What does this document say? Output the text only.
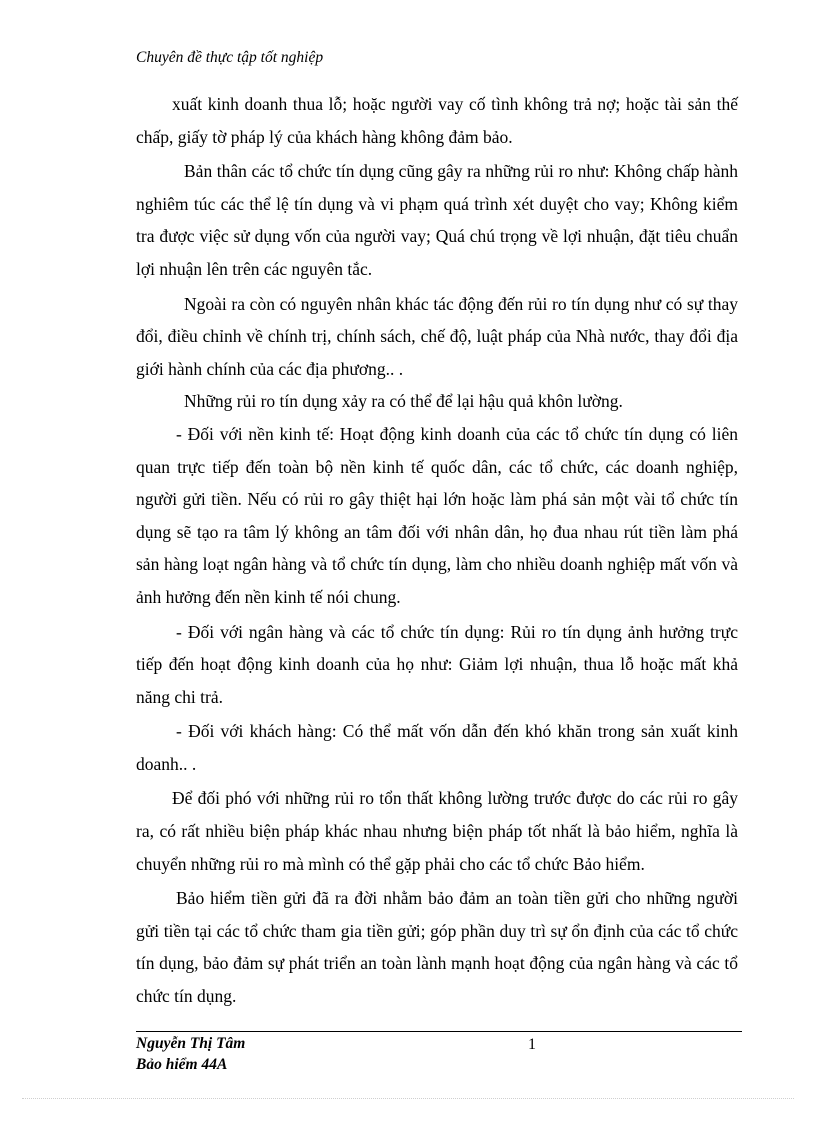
Chuyên đề thực tập tốt nghiệp

xuất kinh doanh thua lỗ; hoặc người vay cố tình không trả nợ; hoặc tài sản thế chấp, giấy tờ pháp lý của khách hàng không đảm bảo.

Bản thân các tổ chức tín dụng cũng gây ra những rủi ro như: Không chấp hành nghiêm túc các thể lệ tín dụng và vi phạm quá trình xét duyệt cho vay; Không kiểm tra được việc sử dụng vốn của người vay; Quá chú trọng về lợi nhuận, đặt tiêu chuẩn lợi nhuận lên trên các nguyên tắc.

Ngoài ra còn có nguyên nhân khác tác động đến rủi ro tín dụng như có sự thay đổi, điều chỉnh về chính trị, chính sách, chế độ, luật pháp của Nhà nước, thay đổi địa giới hành chính của các địa phương.. .

Những rủi ro tín dụng xảy ra có thể để lại hậu quả khôn lường.

- Đối với nền kinh tế: Hoạt động kinh doanh của các tổ chức tín dụng có liên quan trực tiếp đến toàn bộ nền kinh tế quốc dân, các tổ chức, các doanh nghiệp, người gửi tiền. Nếu có rủi ro gây thiệt hại lớn hoặc làm phá sản một vài tổ chức tín dụng sẽ tạo ra tâm lý không an tâm đối với nhân dân, họ đua nhau rút tiền làm phá sản hàng loạt ngân hàng và tổ chức tín dụng, làm cho nhiều doanh nghiệp mất vốn và ảnh hưởng đến nền kinh tế nói chung.

- Đối với ngân hàng và các tổ chức tín dụng: Rủi ro tín dụng ảnh hưởng trực tiếp đến hoạt động kinh doanh của họ như: Giảm lợi nhuận, thua lỗ hoặc mất khả năng chi trả.

- Đối với khách hàng: Có thể mất vốn dẫn đến khó khăn trong sản xuất kinh doanh.. .

Để đối phó với những rủi ro tổn thất không lường trước được do các rủi ro gây ra, có rất nhiều biện pháp khác nhau nhưng biện pháp tốt nhất là bảo hiểm, nghĩa là chuyển những rủi ro mà mình có thể gặp phải cho các tổ chức Bảo hiểm.

Bảo hiểm tiền gửi đã ra đời nhằm bảo đảm an toàn tiền gửi cho những người gửi tiền tại các tổ chức tham gia tiền gửi; góp phần duy trì sự ổn định của các tổ chức tín dụng, bảo đảm sự phát triển an toàn lành mạnh hoạt động của ngân hàng và các tổ chức tín dụng.

Nguyễn Thị Tâm	1
Bảo hiểm 44A
